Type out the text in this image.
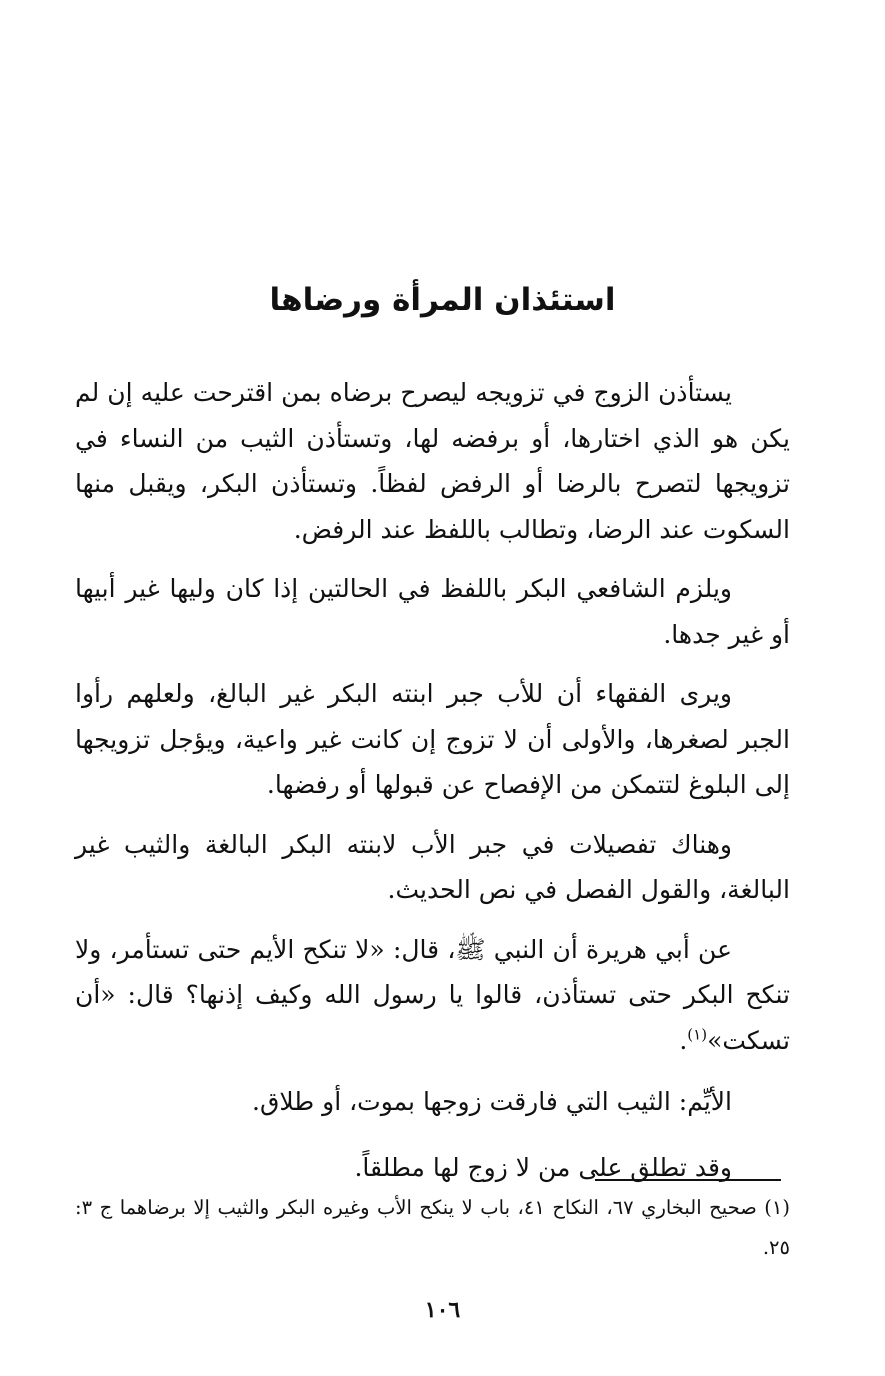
استئذان المرأة ورضاها

يستأذن الزوج في تزويجه ليصرح برضاه بمن اقترحت عليه إن لم يكن هو الذي اختارها، أو برفضه لها، وتستأذن الثيب من النساء في تزويجها لتصرح بالرضا أو الرفض لفظاً. وتستأذن البكر، ويقبل منها السكوت عند الرضا، وتطالب باللفظ عند الرفض.

ويلزم الشافعي البكر باللفظ في الحالتين إذا كان وليها غير أبيها أو غير جدها.

ويرى الفقهاء أن للأب جبر ابنته البكر غير البالغ، ولعلهم رأوا الجبر لصغرها، والأولى أن لا تزوج إن كانت غير واعية، ويؤجل تزويجها إلى البلوغ لتتمكن من الإفصاح عن قبولها أو رفضها.

وهناك تفصيلات في جبر الأب لابنته البكر البالغة والثيب غير البالغة، والقول الفصل في نص الحديث.

عن أبي هريرة أن النبي ﷺ، قال: «لا تنكح الأيم حتى تستأمر، ولا تنكح البكر حتى تستأذن، قالوا يا رسول الله وكيف إذنها؟ قال: «أن تسكت»$^{(١)}$.

الأيِّم: الثيب التي فارقت زوجها بموت، أو طلاق.

وقد تطلق على من لا زوج لها مطلقاً.

(١) صحيح البخاري ٦٧، النكاح ٤١، باب لا ينكح الأب وغيره البكر والثيب إلا برضاهما ج ٣: ٢٥.

١٠٦
